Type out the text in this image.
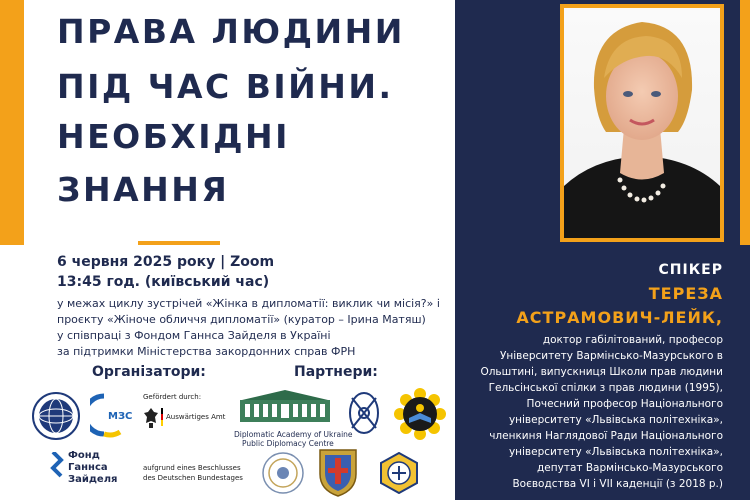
ПРАВА ЛЮДИНИ
ПІД ЧАС ВІЙНИ.
НЕОБХІДНІ
ЗНАННЯ
6 червня 2025 року | Zoom
13:45 год. (київський час)
у межах циклу зустрічей «Жінка в дипломатії: виклик чи місія?» і
проєкту «Жіноче обличчя дипломатії» (куратор – Ірина Матяш)
у співпраці з Фондом Ганнса Зайделя в Україні
за підтримки Міністерства закордонних справ ФРН
Організатори:	Партнери:
МЗС
Gefördert durch:
Auswärtiges Amt
Фонд
Ганнса
Зайделя
aufgrund eines Beschlusses
des Deutschen Bundestages
Diplomatic Academy of Ukraine
Public Diplomacy Centre
СПІКЕР
ТЕРЕЗА
АСТРАМОВИЧ-ЛЕЙК,
доктор габілітований, професор
Університету Вармінсько-Мазурського в
Ольштині, випускниця Школи прав людини
Гельсінської спілки з прав людини (1995),
Почесний професор Національного
університету «Львівська політехніка»,
членкиня Наглядової Ради Національного
університету «Львівська політехніка»,
депутат Вармінсько-Мазурського
Воєводства VI і VII каденції (з 2018 р.)
